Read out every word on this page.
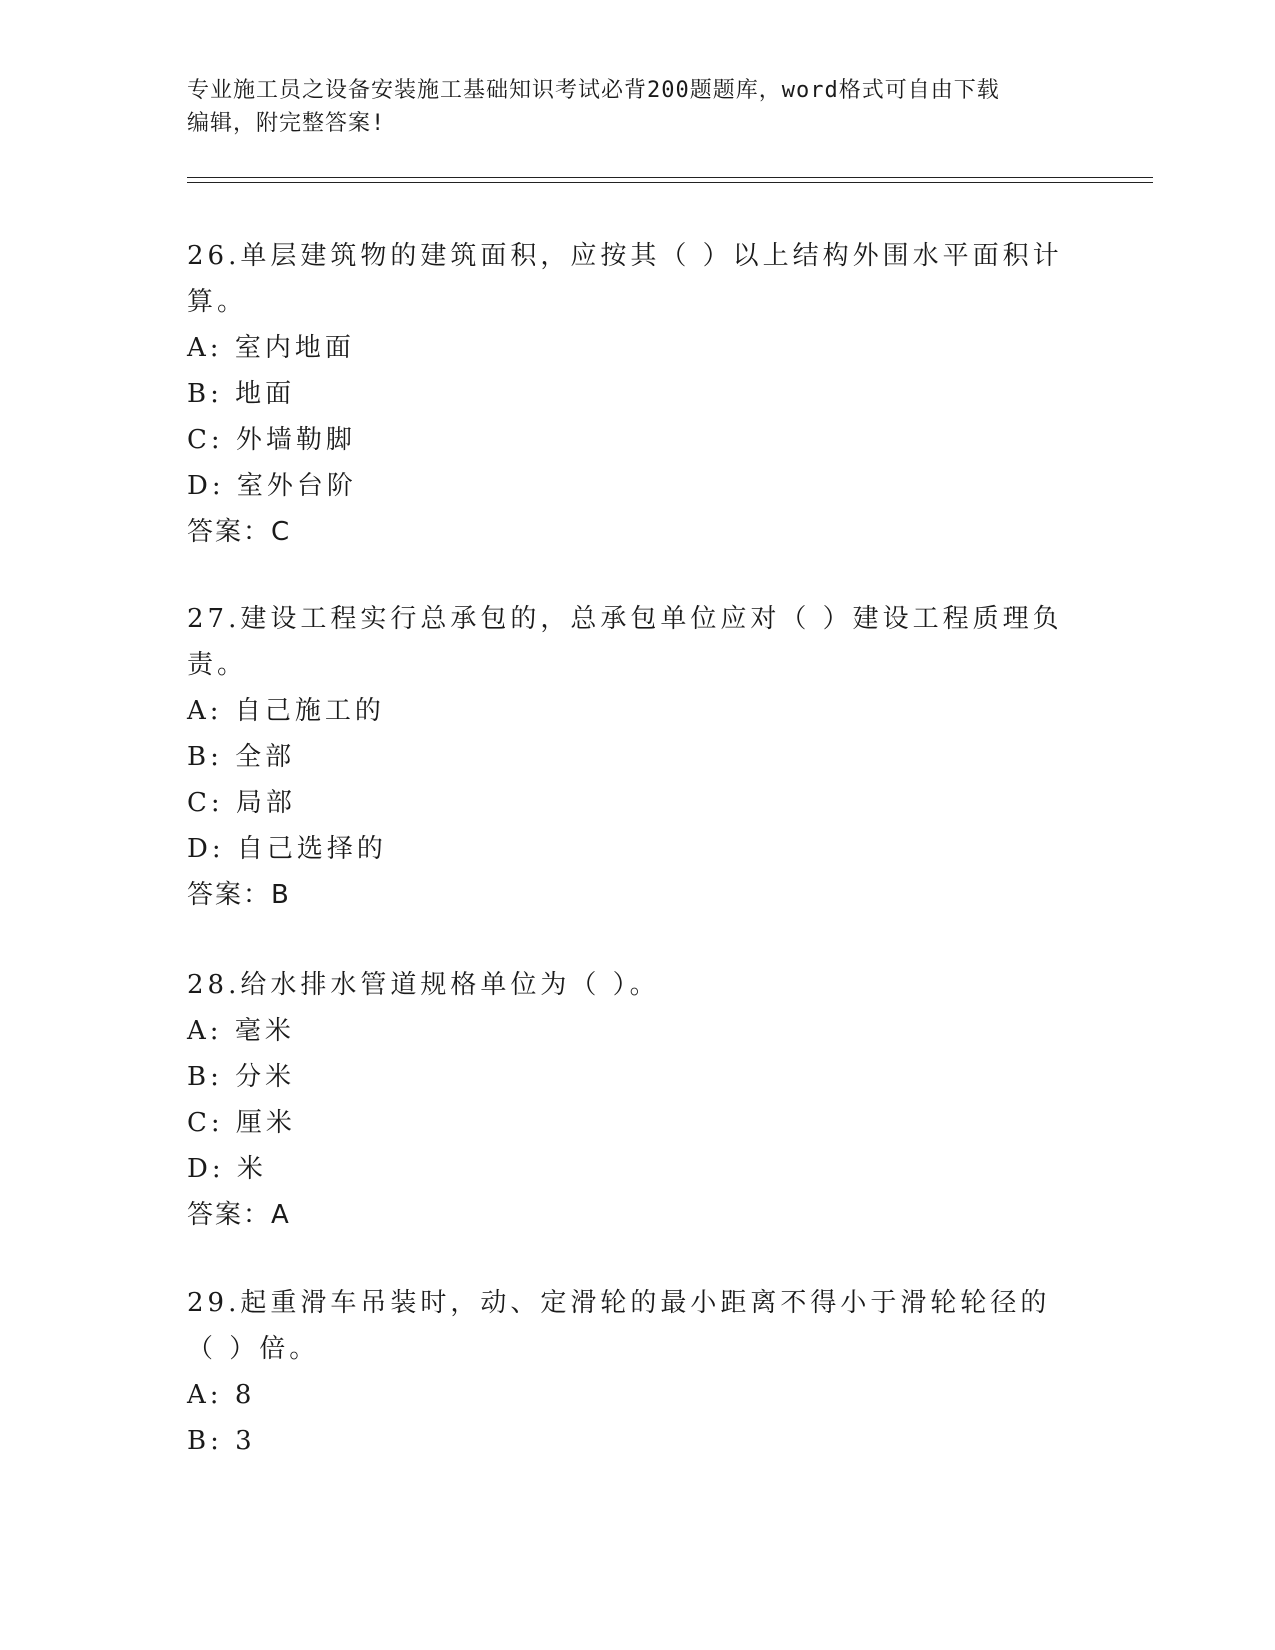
专业施工员之设备安装施工基础知识考试必背200题题库，word格式可自由下载
编辑，附完整答案!

26.单层建筑物的建筑面积，应按其（ ）以上结构外围水平面积计算。

A: 室内地面

B: 地面

C: 外墙勒脚

D: 室外台阶

答案：C

27.建设工程实行总承包的，总承包单位应对（ ）建设工程质理负责。

A: 自己施工的

B: 全部

C: 局部

D: 自己选择的

答案：B

28.给水排水管道规格单位为（ ）。

A: 毫米

B: 分米

C: 厘米

D: 米

答案：A

29.起重滑车吊装时，动、定滑轮的最小距离不得小于滑轮轮径的（ ）倍。

A: 8

B: 3
